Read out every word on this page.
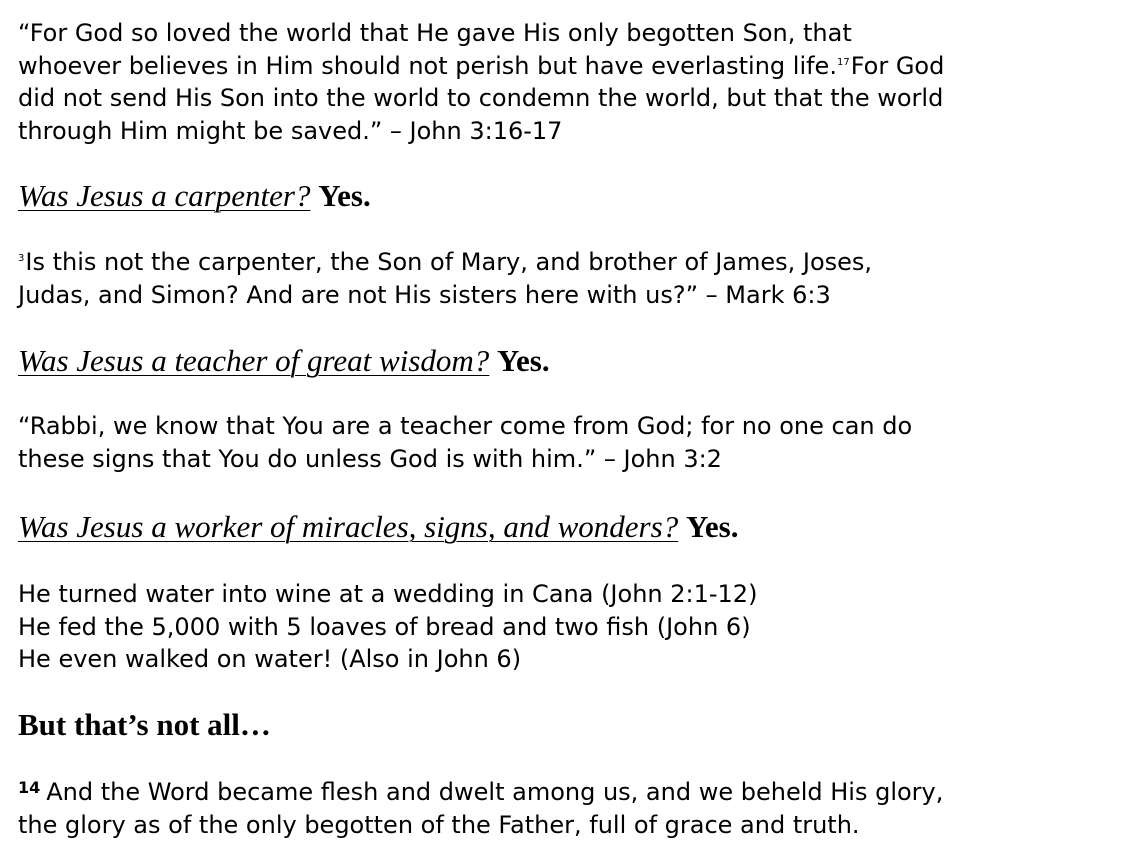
“For God so loved the world that He gave His only begotten Son, that

whoever believes in Him should not perish but have everlasting life.$^{17}$For God

did not send His Son into the world to condemn the world, but that the world

through Him might be saved.” – John 3:16-17

Was Jesus a carpenter? Yes.

$^3$Is this not the carpenter, the Son of Mary, and brother of James, Joses,

Judas, and Simon? And are not His sisters here with us?” – Mark 6:3

Was Jesus a teacher of great wisdom? Yes.

“Rabbi, we know that You are a teacher come from God; for no one can do

these signs that You do unless God is with him.” – John 3:2

Was Jesus a worker of miracles, signs, and wonders? Yes.

He turned water into wine at a wedding in Cana (John 2:1-12)

He fed the 5,000 with 5 loaves of bread and two fish (John 6)

He even walked on water! (Also in John 6)

But that’s not all…

$^{14}$ And the Word became flesh and dwelt among us, and we beheld His glory,

the glory as of the only begotten of the Father, full of grace and truth.
